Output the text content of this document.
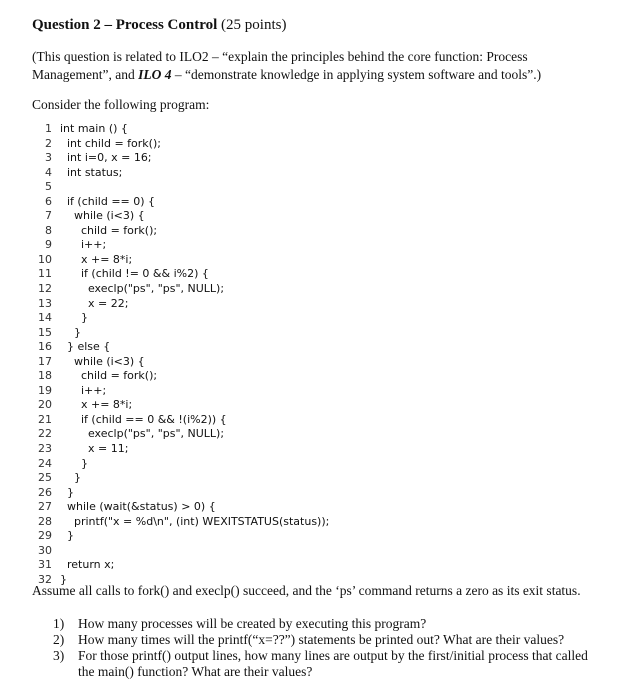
Question 2 – Process Control (25 points)
(This question is related to ILO2 – “explain the principles behind the core function: Process Management”, and ILO 4 – “demonstrate knowledge in applying system software and tools”.)
Consider the following program:
1 int main () {
2 int child = fork();
3 int i=0, x = 16;
4 int status;
5
6 if (child == 0) {
7 while (i<3) {
8 child = fork();
9 i++;
10 x += 8*i;
11 if (child != 0 && i%2) {
12 execlp("ps", "ps", NULL);
13 x = 22;
14 }
15 }
16 } else {
17 while (i<3) {
18 child = fork();
19 i++;
20 x += 8*i;
21 if (child == 0 && !(i%2)) {
22 execlp("ps", "ps", NULL);
23 x = 11;
24 }
25 }
26 }
27 while (wait(&status) > 0) {
28 printf("x = %d\n", (int) WEXITSTATUS(status));
29 }
30
31 return x;
32 }
Assume all calls to fork() and execlp() succeed, and the ‘ps’ command returns a zero as its exit status.
1)	How many processes will be created by executing this program?
2)	How many times will the printf(“x=??”) statements be printed out? What are their values?
3)	For those printf() output lines, how many lines are output by the first/initial process that called the main() function? What are their values?
